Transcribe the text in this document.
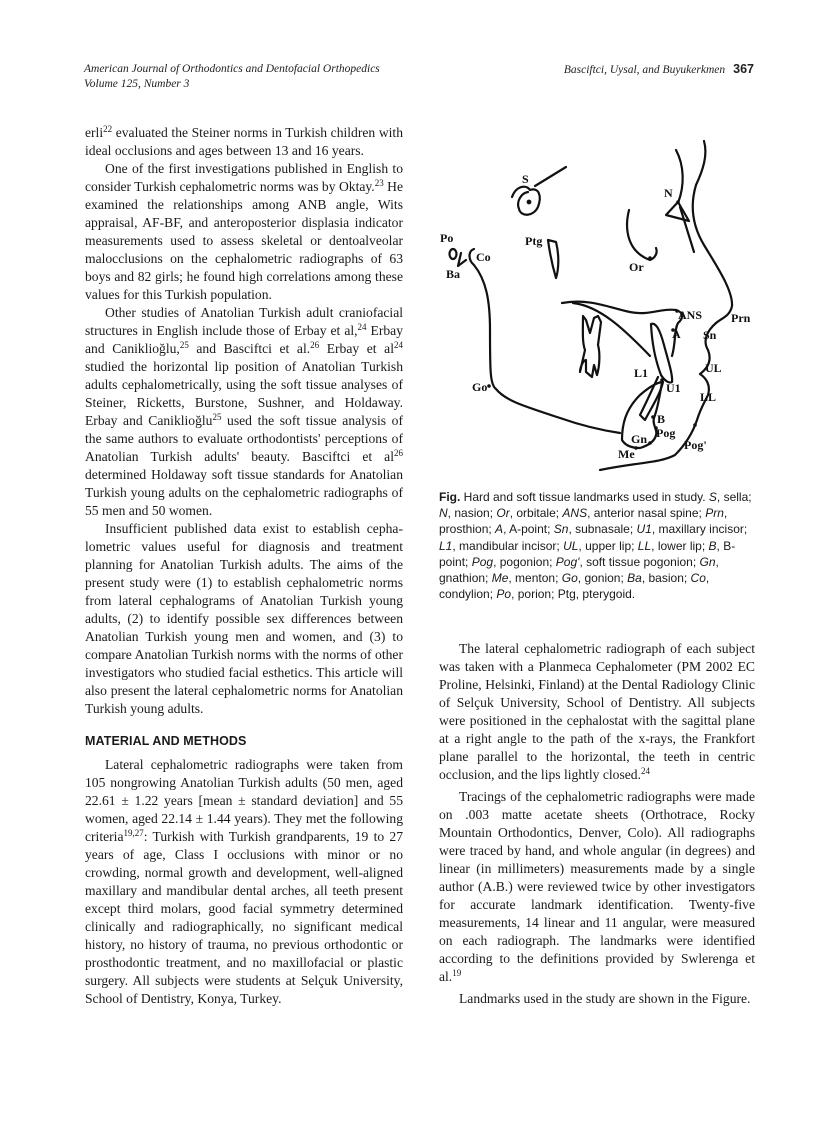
American Journal of Orthodontics and Dentofacial Orthopedics
Volume 125, Number 3
Basciftci, Uysal, and Buyukerkmen 367

erli$^{22}$ evaluated the Steiner norms in Turkish children with ideal occlusions and ages between 13 and 16 years.

One of the first investigations published in English to consider Turkish cephalometric norms was by Oktay.$^{23}$ He examined the relationships among ANB angle, Wits appraisal, AF-BF, and anteroposterior displasia indicator measurements used to assess skeletal or dentoalveolar malocclusions on the cephalometric radiographs of 63 boys and 82 girls; he found high correlations among these values for this Turkish population.

Other studies of Anatolian Turkish adult craniofacial structures in English include those of Erbay et al,$^{24}$ Erbay and Caniklioğlu,$^{25}$ and Basciftci et al.$^{26}$ Erbay et $al^{24}$ studied the horizontal lip position of Anatolian Turkish adults cephalometrically, using the soft tissue analyses of Steiner, Ricketts, Burstone, Sushner, and Holdaway. Erbay and Caniklioğlu$^{25}$ used the soft tissue analysis of the same authors to evaluate orthodontists' perceptions of Anatolian Turkish adults' beauty. Basciftci et $al^{26}$ determined Holdaway soft tissue standards for Anatolian Turkish young adults on the cephalometric radiographs of 55 men and 50 women.

Insufficient published data exist to establish cephalometric values useful for diagnosis and treatment planning for Anatolian Turkish adults. The aims of the present study were (1) to establish cephalometric norms from lateral cephalograms of Anatolian Turkish young adults, (2) to identify possible sex differences between Anatolian Turkish young men and women, and (3) to compare Anatolian Turkish norms with the norms of other investigators who studied facial esthetics. This article will also present the lateral cephalometric norms for Anatolian Turkish young adults.

MATERIAL AND METHODS

Lateral cephalometric radiographs were taken from 105 nongrowing Anatolian Turkish adults (50 men, aged 22.61 ± 1.22 years [mean ± standard deviation] and 55 women, aged 22.14 ± 1.44 years). They met the following criteria$^{19,27}$: Turkish with Turkish grandparents, 19 to 27 years of age, Class I occlusions with minor or no crowding, normal growth and development, well-aligned maxillary and mandibular dental arches, all teeth present except third molars, good facial symmetry determined clinically and radiographically, no significant medical history, no history of trauma, no previous orthodontic or prosthodontic treatment, and no maxillofacial or plastic surgery. All subjects were students at Selçuk University, School of Dentistry, Konya, Turkey.

S
N
Po
Co
Ba
Ptg
Or
ANS Prn
A Sn
UL
L1
U1
LL
Go
B
Pog
Gn	Pog'
Me
Fig. Hard and soft tissue landmarks used in study. S, sella; N, nasion; Or, orbitale; ANS, anterior nasal spine; Prn, prosthion; A, A-point; Sn, subnasale; U1, maxillary incisor; L1, mandibular incisor; UL, upper lip; LL, lower lip; B, B-point; Pog, pogonion; Pog', soft tissue pogonion; Gn, gnathion; Me, menton; Go, gonion; Ba, basion; Co, condylion; Po, porion; Ptg, pterygoid.

The lateral cephalometric radiograph of each subject was taken with a Planmeca Cephalometer (PM 2002 EC Proline, Helsinki, Finland) at the Dental Radiology Clinic of Selçuk University, School of Dentistry. All subjects were positioned in the cephalostat with the sagittal plane at a right angle to the path of the x-rays, the Frankfort plane parallel to the horizontal, the teeth in centric occlusion, and the lips lightly closed.$^{24}$

Tracings of the cephalometric radiographs were made on .003 matte acetate sheets (Orthotrace, Rocky Mountain Orthodontics, Denver, Colo). All radiographs were traced by hand, and whole angular (in degrees) and linear (in millimeters) measurements made by a single author (A.B.) were reviewed twice by other investigators for accurate landmark identification. Twenty-five measurements, 14 linear and 11 angular, were measured on each radiograph. The landmarks were identified according to the definitions provided by Swlerenga et al.$^{19}$

Landmarks used in the study are shown in the Figure.
